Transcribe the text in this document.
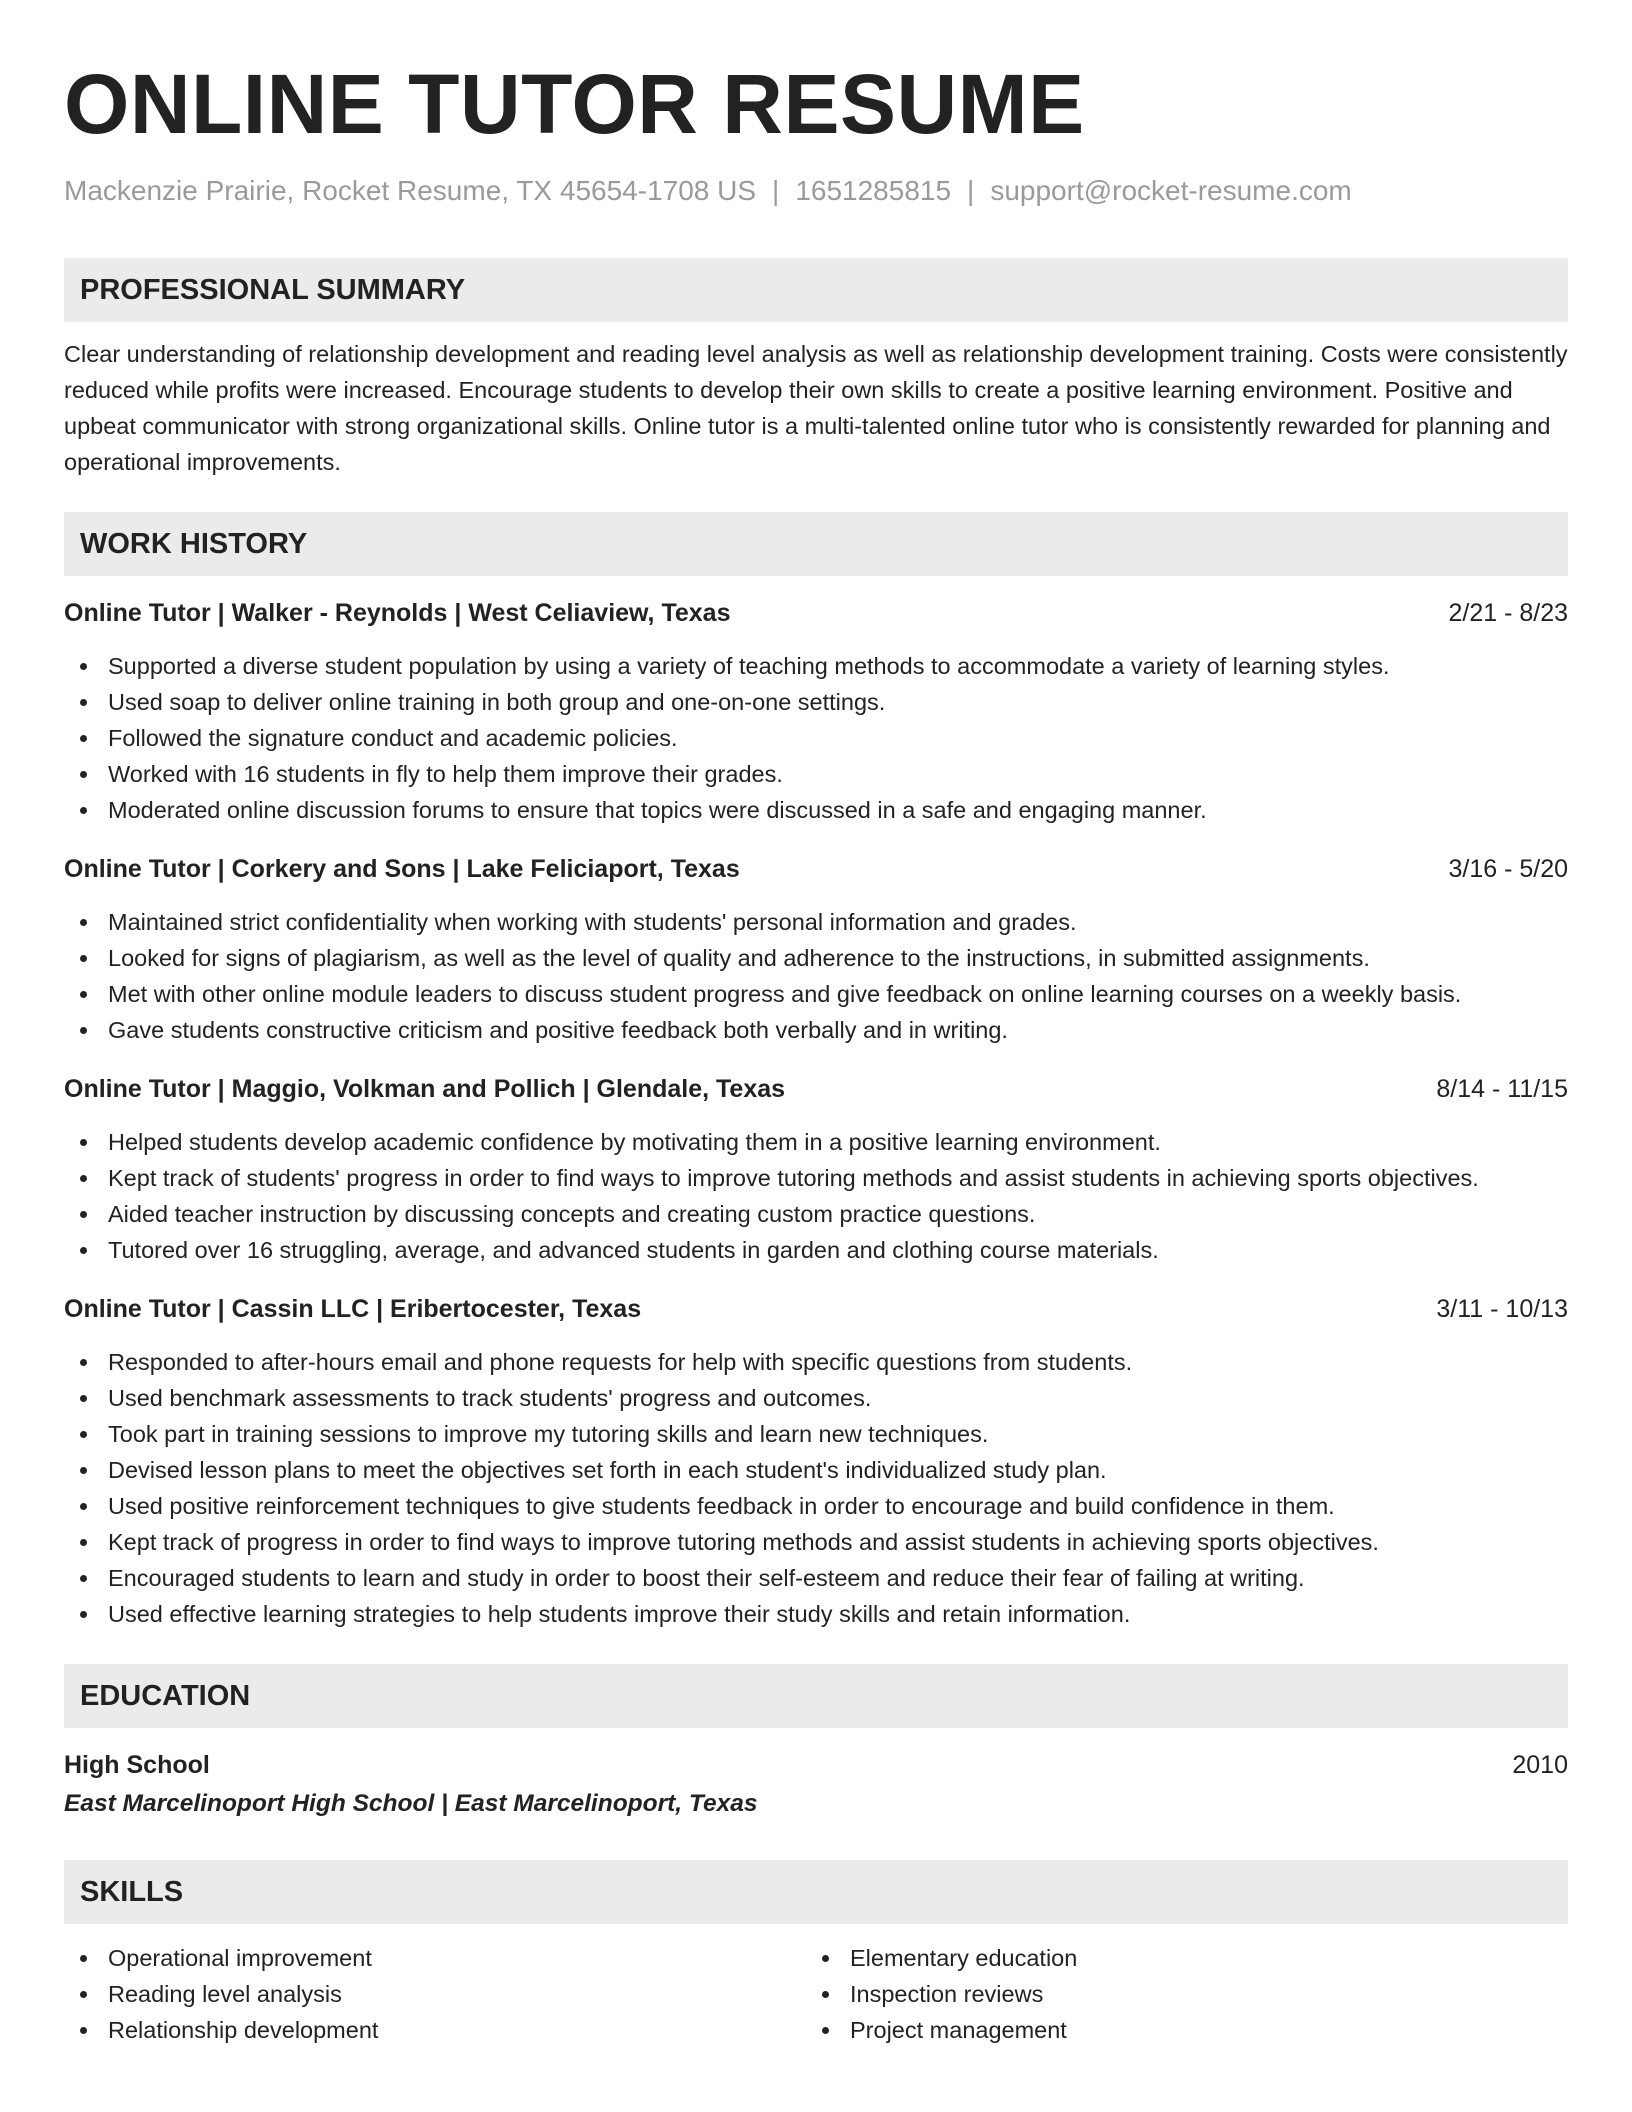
ONLINE TUTOR RESUME
Mackenzie Prairie, Rocket Resume, TX 45654-1708 US | 1651285815 | support@rocket-resume.com
PROFESSIONAL SUMMARY

Clear understanding of relationship development and reading level analysis as well as relationship development training. Costs were consistently reduced while profits were increased. Encourage students to develop their own skills to create a positive learning environment. Positive and upbeat communicator with strong organizational skills. Online tutor is a multi-talented online tutor who is consistently rewarded for planning and operational improvements.

WORK HISTORY
Online Tutor | Walker - Reynolds | West Celiaview, Texas	2/21 - 8/23
Supported a diverse student population by using a variety of teaching methods to accommodate a variety of learning styles.
Used soap to deliver online training in both group and one-on-one settings.
Followed the signature conduct and academic policies.
Worked with 16 students in fly to help them improve their grades.
Moderated online discussion forums to ensure that topics were discussed in a safe and engaging manner.
Online Tutor | Corkery and Sons | Lake Feliciaport, Texas	3/16 - 5/20
Maintained strict confidentiality when working with students' personal information and grades.
Looked for signs of plagiarism, as well as the level of quality and adherence to the instructions, in submitted assignments.
Met with other online module leaders to discuss student progress and give feedback on online learning courses on a weekly basis.
Gave students constructive criticism and positive feedback both verbally and in writing.
Online Tutor | Maggio, Volkman and Pollich | Glendale, Texas	8/14 - 11/15
Helped students develop academic confidence by motivating them in a positive learning environment.
Kept track of students' progress in order to find ways to improve tutoring methods and assist students in achieving sports objectives.
Aided teacher instruction by discussing concepts and creating custom practice questions.
Tutored over 16 struggling, average, and advanced students in garden and clothing course materials.
Online Tutor | Cassin LLC | Eribertocester, Texas	3/11 - 10/13
Responded to after-hours email and phone requests for help with specific questions from students.
Used benchmark assessments to track students' progress and outcomes.
Took part in training sessions to improve my tutoring skills and learn new techniques.
Devised lesson plans to meet the objectives set forth in each student's individualized study plan.
Used positive reinforcement techniques to give students feedback in order to encourage and build confidence in them.
Kept track of progress in order to find ways to improve tutoring methods and assist students in achieving sports objectives.
Encouraged students to learn and study in order to boost their self-esteem and reduce their fear of failing at writing.
Used effective learning strategies to help students improve their study skills and retain information.
EDUCATION
High School	2010
East Marcelinoport High School | East Marcelinoport, Texas
SKILLS
Operational improvement
Reading level analysis
Relationship development
Elementary education
Inspection reviews
Project management
